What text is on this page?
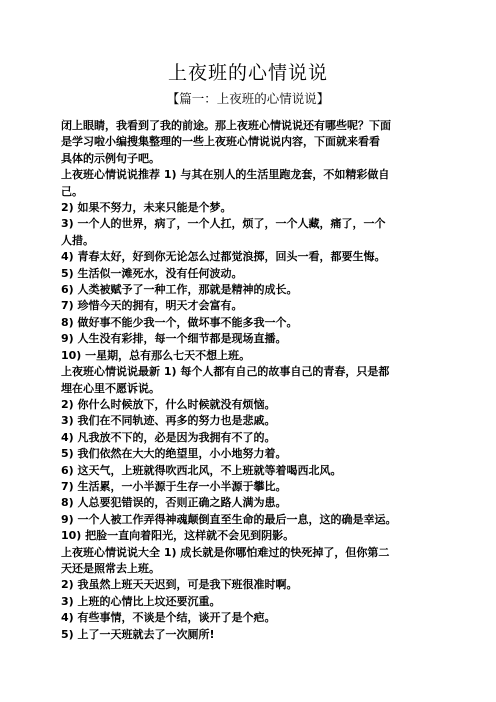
上夜班的心情说说
【篇一：上夜班的心情说说】
闭上眼睛，我看到了我的前途。那上夜班心情说说还有哪些呢？下面
是学习啦小编搜集整理的一些上夜班心情说说内容，下面就来看看
具体的示例句子吧。
上夜班心情说说推荐 1) 与其在别人的生活里跑龙套，不如精彩做自
己。
2) 如果不努力，未来只能是个梦。
3) 一个人的世界，病了，一个人扛，烦了，一个人藏，痛了，一个
人措。
4) 青春太好，好到你无论怎么过都觉浪掷，回头一看，都要生悔。
5) 生活似一滩死水，没有任何波动。
6) 人类被赋予了一种工作，那就是精神的成长。
7) 珍惜今天的拥有，明天才会富有。
8) 做好事不能少我一个，做坏事不能多我一个。
9) 人生没有彩排，每一个细节都是现场直播。
10) 一星期，总有那么七天不想上班。
上夜班心情说说最新 1) 每个人都有自己的故事自己的青春，只是都
埋在心里不愿诉说。
2) 你什么时候放下，什么时候就没有烦恼。
3) 我们在不同轨迹、再多的努力也是悲戚。
4) 凡我放不下的，必是因为我拥有不了的。
5) 我们依然在大大的绝望里，小小地努力着。
6) 这天气，上班就得吹西北风，不上班就等着喝西北风。
7) 生活累，一小半源于生存一小半源于攀比。
8) 人总要犯错误的，否则正确之路人满为患。
9) 一个人被工作弄得神魂颠倒直至生命的最后一息，这的确是幸运。
10) 把脸一直向着阳光，这样就不会见到阴影。
上夜班心情说说大全 1) 成长就是你哪怕难过的快死掉了，但你第二
天还是照常去上班。
2) 我虽然上班天天迟到，可是我下班很准时啊。
3) 上班的心情比上坟还要沉重。
4) 有些事情，不谈是个结，谈开了是个疤。
5) 上了一天班就去了一次厕所!
